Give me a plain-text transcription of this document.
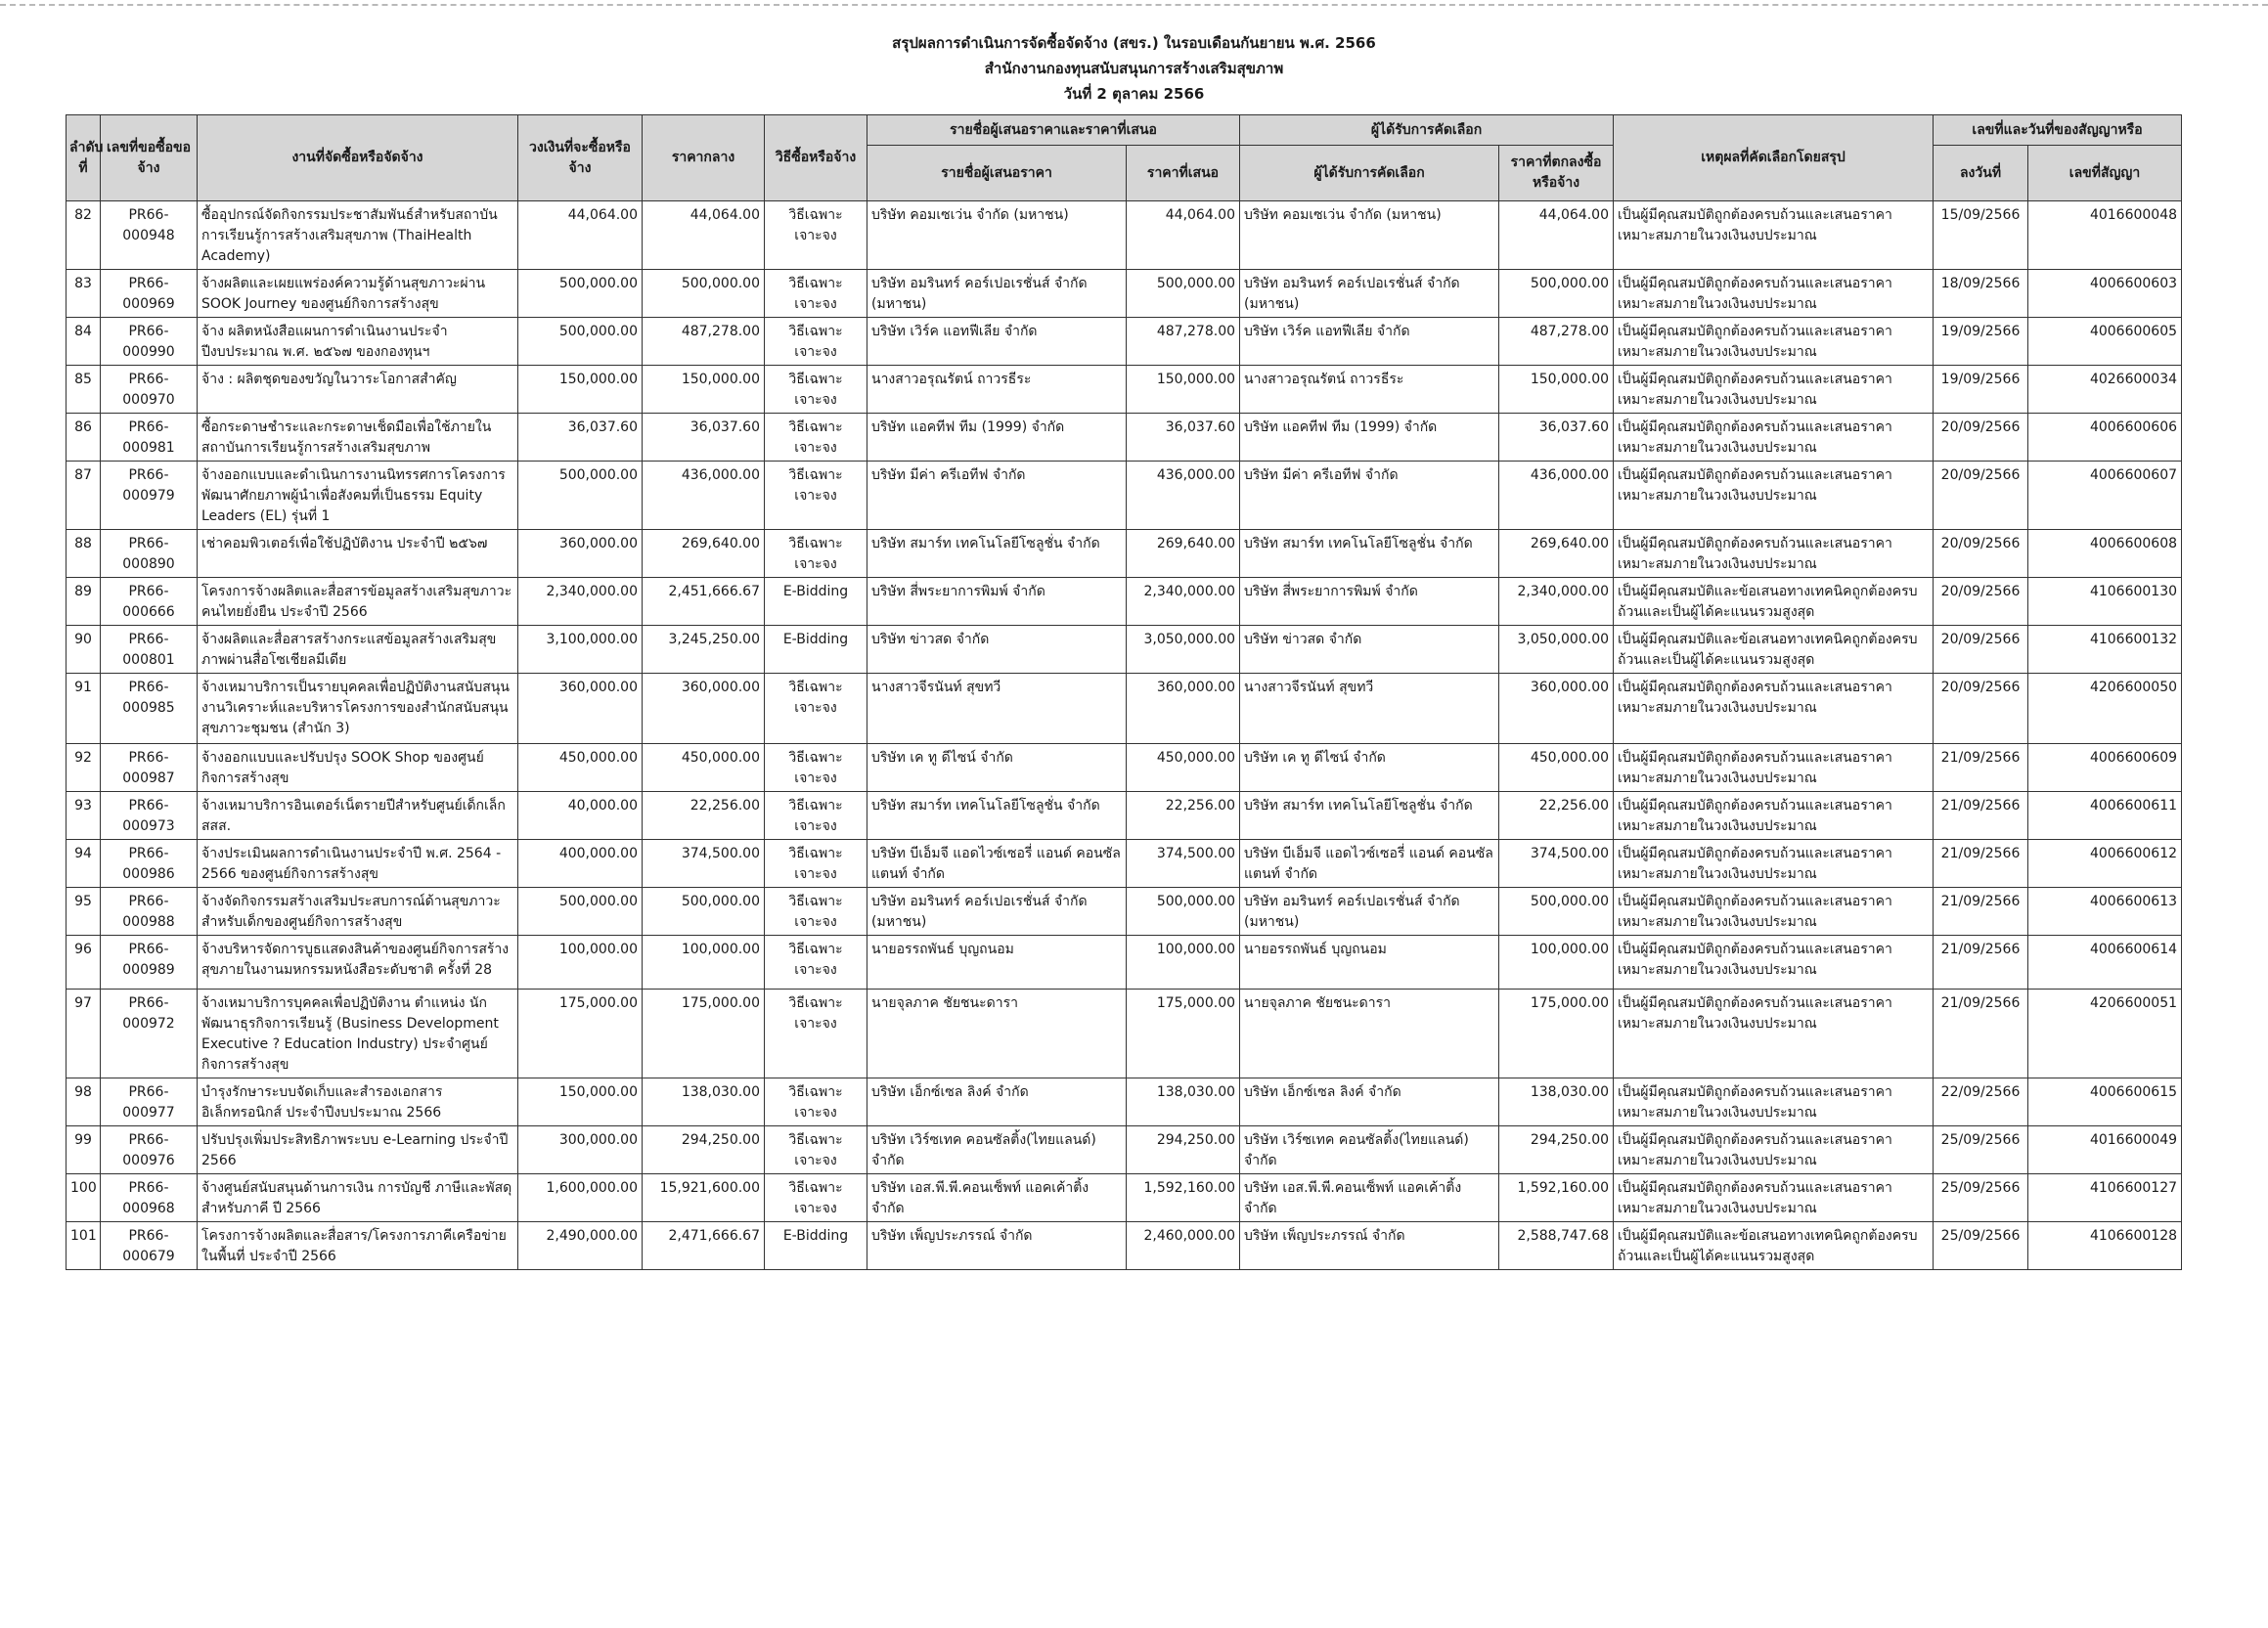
สรุปผลการดำเนินการจัดซื้อจัดจ้าง (สขร.) ในรอบเดือนกันยายน พ.ศ. 2566
สำนักงานกองทุนสนับสนุนการสร้างเสริมสุขภาพ
วันที่ 2 ตุลาคม 2566
ลำดับที่	เลขที่ขอซื้อขอจ้าง	งานที่จัดซื้อหรือจัดจ้าง	วงเงินที่จะซื้อหรือจ้าง	ราคากลาง	วิธีซื้อหรือจ้าง	รายชื่อผู้เสนอราคาและราคาที่เสนอ		ผู้ได้รับการคัดเลือก		เหตุผลที่คัดเลือกโดยสรุป	เลขที่และวันที่ของสัญญาหรือ	
						รายชื่อผู้เสนอราคา	ราคาที่เสนอ	ผู้ได้รับการคัดเลือก	ราคาที่ตกลงซื้อหรือจ้าง		ลงวันที่	เลขที่สัญญา
82	PR66-000948	ซื้ออุปกรณ์จัดกิจกรรมประชาสัมพันธ์สำหรับสถาบันการเรียนรู้การสร้างเสริมสุขภาพ (ThaiHealth Academy)	44,064.00	44,064.00	วิธีเฉพาะเจาะจง	บริษัท คอมเซเว่น จำกัด (มหาชน)	44,064.00	บริษัท คอมเซเว่น จำกัด (มหาชน)	44,064.00	เป็นผู้มีคุณสมบัติถูกต้องครบถ้วนและเสนอราคาเหมาะสมภายในวงเงินงบประมาณ	15/09/2566	4016600048
83	PR66-000969	จ้างผลิตและเผยแพร่องค์ความรู้ด้านสุขภาวะผ่าน SOOK Journey ของศูนย์กิจการสร้างสุข	500,000.00	500,000.00	วิธีเฉพาะเจาะจง	บริษัท อมรินทร์ คอร์เปอเรชั่นส์ จำกัด (มหาชน)	500,000.00	บริษัท อมรินทร์ คอร์เปอเรชั่นส์ จำกัด (มหาชน)	500,000.00	เป็นผู้มีคุณสมบัติถูกต้องครบถ้วนและเสนอราคาเหมาะสมภายในวงเงินงบประมาณ	18/09/2566	4006600603
84	PR66-000990	จ้าง ผลิตหนังสือแผนการดำเนินงานประจำปีงบประมาณ พ.ศ. ๒๕๖๗ ของกองทุนฯ	500,000.00	487,278.00	วิธีเฉพาะเจาะจง	บริษัท เวิร์ค แอทฟีเลีย จำกัด	487,278.00	บริษัท เวิร์ค แอทฟีเลีย จำกัด	487,278.00	เป็นผู้มีคุณสมบัติถูกต้องครบถ้วนและเสนอราคาเหมาะสมภายในวงเงินงบประมาณ	19/09/2566	4006600605
85	PR66-000970	จ้าง : ผลิตชุดของขวัญในวาระโอกาสสำคัญ	150,000.00	150,000.00	วิธีเฉพาะเจาะจง	นางสาวอรุณรัตน์ ถาวรธีระ	150,000.00	นางสาวอรุณรัตน์ ถาวรธีระ	150,000.00	เป็นผู้มีคุณสมบัติถูกต้องครบถ้วนและเสนอราคาเหมาะสมภายในวงเงินงบประมาณ	19/09/2566	4026600034
86	PR66-000981	ซื้อกระดาษชำระและกระดาษเช็ดมือเพื่อใช้ภายในสถาบันการเรียนรู้การสร้างเสริมสุขภาพ	36,037.60	36,037.60	วิธีเฉพาะเจาะจง	บริษัท แอคทีฟ ทีม (1999) จำกัด	36,037.60	บริษัท แอคทีฟ ทีม (1999) จำกัด	36,037.60	เป็นผู้มีคุณสมบัติถูกต้องครบถ้วนและเสนอราคาเหมาะสมภายในวงเงินงบประมาณ	20/09/2566	4006600606
87	PR66-000979	จ้างออกแบบและดำเนินการงานนิทรรศการโครงการพัฒนาศักยภาพผู้นำเพื่อสังคมที่เป็นธรรม Equity Leaders (EL) รุ่นที่ 1	500,000.00	436,000.00	วิธีเฉพาะเจาะจง	บริษัท มีค่า ครีเอทีฟ จำกัด	436,000.00	บริษัท มีค่า ครีเอทีฟ จำกัด	436,000.00	เป็นผู้มีคุณสมบัติถูกต้องครบถ้วนและเสนอราคาเหมาะสมภายในวงเงินงบประมาณ	20/09/2566	4006600607
88	PR66-000890	เช่าคอมพิวเตอร์เพื่อใช้ปฏิบัติงาน ประจำปี ๒๕๖๗	360,000.00	269,640.00	วิธีเฉพาะเจาะจง	บริษัท สมาร์ท เทคโนโลยีโซลูชั่น จำกัด	269,640.00	บริษัท สมาร์ท เทคโนโลยีโซลูชั่น จำกัด	269,640.00	เป็นผู้มีคุณสมบัติถูกต้องครบถ้วนและเสนอราคาเหมาะสมภายในวงเงินงบประมาณ	20/09/2566	4006600608
89	PR66-000666	โครงการจ้างผลิตและสื่อสารข้อมูลสร้างเสริมสุขภาวะคนไทยยั่งยืน ประจำปี 2566	2,340,000.00	2,451,666.67	E-Bidding	บริษัท สี่พระยาการพิมพ์ จำกัด	2,340,000.00	บริษัท สี่พระยาการพิมพ์ จำกัด	2,340,000.00	เป็นผู้มีคุณสมบัติและข้อเสนอทางเทคนิคถูกต้องครบถ้วนและเป็นผู้ได้คะแนนรวมสูงสุด	20/09/2566	4106600130
90	PR66-000801	จ้างผลิตและสื่อสารสร้างกระแสข้อมูลสร้างเสริมสุขภาพผ่านสื่อโซเชียลมีเดีย	3,100,000.00	3,245,250.00	E-Bidding	บริษัท ข่าวสด จำกัด	3,050,000.00	บริษัท ข่าวสด จำกัด	3,050,000.00	เป็นผู้มีคุณสมบัติและข้อเสนอทางเทคนิคถูกต้องครบถ้วนและเป็นผู้ได้คะแนนรวมสูงสุด	20/09/2566	4106600132
91	PR66-000985	จ้างเหมาบริการเป็นรายบุคคลเพื่อปฏิบัติงานสนับสนุนงานวิเคราะห์และบริหารโครงการของสำนักสนับสนุนสุขภาวะชุมชน (สำนัก 3)	360,000.00	360,000.00	วิธีเฉพาะเจาะจง	นางสาวจีรนันท์ สุขทวี	360,000.00	นางสาวจีรนันท์ สุขทวี	360,000.00	เป็นผู้มีคุณสมบัติถูกต้องครบถ้วนและเสนอราคาเหมาะสมภายในวงเงินงบประมาณ	20/09/2566	4206600050
92	PR66-000987	จ้างออกแบบและปรับปรุง SOOK Shop ของศูนย์กิจการสร้างสุข	450,000.00	450,000.00	วิธีเฉพาะเจาะจง	บริษัท เค ทู ดีไซน์ จำกัด	450,000.00	บริษัท เค ทู ดีไซน์ จำกัด	450,000.00	เป็นผู้มีคุณสมบัติถูกต้องครบถ้วนและเสนอราคาเหมาะสมภายในวงเงินงบประมาณ	21/09/2566	4006600609
93	PR66-000973	จ้างเหมาบริการอินเตอร์เน็ตรายปีสำหรับศูนย์เด็กเล็ก สสส.	40,000.00	22,256.00	วิธีเฉพาะเจาะจง	บริษัท สมาร์ท เทคโนโลยีโซลูชั่น จำกัด	22,256.00	บริษัท สมาร์ท เทคโนโลยีโซลูชั่น จำกัด	22,256.00	เป็นผู้มีคุณสมบัติถูกต้องครบถ้วนและเสนอราคาเหมาะสมภายในวงเงินงบประมาณ	21/09/2566	4006600611
94	PR66-000986	จ้างประเมินผลการดำเนินงานประจำปี พ.ศ. 2564 - 2566 ของศูนย์กิจการสร้างสุข	400,000.00	374,500.00	วิธีเฉพาะเจาะจง	บริษัท บีเอ็มจี แอดไวซ์เซอรี่ แอนด์ คอนซัลแตนท์ จำกัด	374,500.00	บริษัท บีเอ็มจี แอดไวซ์เซอรี่ แอนด์ คอนซัลแตนท์ จำกัด	374,500.00	เป็นผู้มีคุณสมบัติถูกต้องครบถ้วนและเสนอราคาเหมาะสมภายในวงเงินงบประมาณ	21/09/2566	4006600612
95	PR66-000988	จ้างจัดกิจกรรมสร้างเสริมประสบการณ์ด้านสุขภาวะสำหรับเด็กของศูนย์กิจการสร้างสุข	500,000.00	500,000.00	วิธีเฉพาะเจาะจง	บริษัท อมรินทร์ คอร์เปอเรชั่นส์ จำกัด (มหาชน)	500,000.00	บริษัท อมรินทร์ คอร์เปอเรชั่นส์ จำกัด (มหาชน)	500,000.00	เป็นผู้มีคุณสมบัติถูกต้องครบถ้วนและเสนอราคาเหมาะสมภายในวงเงินงบประมาณ	21/09/2566	4006600613
96	PR66-000989	จ้างบริหารจัดการบูธแสดงสินค้าของศูนย์กิจการสร้างสุขภายในงานมหกรรมหนังสือระดับชาติ ครั้งที่ 28	100,000.00	100,000.00	วิธีเฉพาะเจาะจง	นายอรรถพันธ์ บุญถนอม	100,000.00	นายอรรถพันธ์ บุญถนอม	100,000.00	เป็นผู้มีคุณสมบัติถูกต้องครบถ้วนและเสนอราคาเหมาะสมภายในวงเงินงบประมาณ	21/09/2566	4006600614
97	PR66-000972	จ้างเหมาบริการบุคคลเพื่อปฏิบัติงาน ตำแหน่ง นักพัฒนาธุรกิจการเรียนรู้ (Business Development Executive ? Education Industry) ประจำศูนย์กิจการสร้างสุข	175,000.00	175,000.00	วิธีเฉพาะเจาะจง	นายจุลภาค ชัยชนะดารา	175,000.00	นายจุลภาค ชัยชนะดารา	175,000.00	เป็นผู้มีคุณสมบัติถูกต้องครบถ้วนและเสนอราคาเหมาะสมภายในวงเงินงบประมาณ	21/09/2566	4206600051
98	PR66-000977	บำรุงรักษาระบบจัดเก็บและสำรองเอกสารอิเล็กทรอนิกส์ ประจำปีงบประมาณ 2566	150,000.00	138,030.00	วิธีเฉพาะเจาะจง	บริษัท เอ็กซ์เซล ลิงค์ จำกัด	138,030.00	บริษัท เอ็กซ์เซล ลิงค์ จำกัด	138,030.00	เป็นผู้มีคุณสมบัติถูกต้องครบถ้วนและเสนอราคาเหมาะสมภายในวงเงินงบประมาณ	22/09/2566	4006600615
99	PR66-000976	ปรับปรุงเพิ่มประสิทธิภาพระบบ e-Learning ประจำปี 2566	300,000.00	294,250.00	วิธีเฉพาะเจาะจง	บริษัท เวิร์ซเทค คอนซัลติ้ง(ไทยแลนด์) จำกัด	294,250.00	บริษัท เวิร์ซเทค คอนซัลติ้ง(ไทยแลนด์) จำกัด	294,250.00	เป็นผู้มีคุณสมบัติถูกต้องครบถ้วนและเสนอราคาเหมาะสมภายในวงเงินงบประมาณ	25/09/2566	4016600049
100	PR66-000968	จ้างศูนย์สนับสนุนด้านการเงิน การบัญชี ภาษีและพัสดุสำหรับภาคี ปี 2566	1,600,000.00	15,921,600.00	วิธีเฉพาะเจาะจง	บริษัท เอส.พี.พี.คอนเซ็พท์ แอคเค้าติ้ง จำกัด	1,592,160.00	บริษัท เอส.พี.พี.คอนเซ็พท์ แอคเค้าติ้ง จำกัด	1,592,160.00	เป็นผู้มีคุณสมบัติถูกต้องครบถ้วนและเสนอราคาเหมาะสมภายในวงเงินงบประมาณ	25/09/2566	4106600127
101	PR66-000679	โครงการจ้างผลิตและสื่อสาร/โครงการภาคีเครือข่ายในพื้นที่ ประจำปี 2566	2,490,000.00	2,471,666.67	E-Bidding	บริษัท เพ็ญประภรรณ์ จำกัด	2,460,000.00	บริษัท เพ็ญประภรรณ์ จำกัด	2,588,747.68	เป็นผู้มีคุณสมบัติและข้อเสนอทางเทคนิคถูกต้องครบถ้วนและเป็นผู้ได้คะแนนรวมสูงสุด	25/09/2566	4106600128
